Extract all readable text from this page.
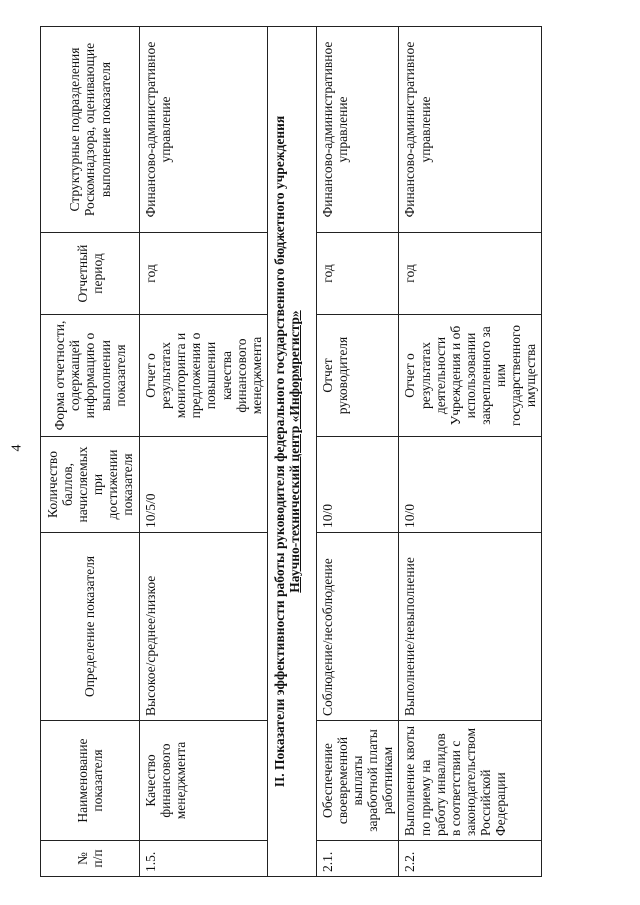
4
№ п/п	Наименование показателя	Определение показателя	Количество баллов, начисляемых при достижении показателя	Форма отчетности, содержащей информацию о выполнении показателя	Отчетный период	Структурные подразделения Роскомнадзора, оценивающие выполнение показателя
1.5.	Качество финансового менеджмента	Высокое/среднее/низкое	10/5/0	Отчет о результатах мониторинга и предложения о повышении качества финансового менеджмента	год	Финансово-административное управление
II. Показатели эффективности работы руководителя федерального государственного бюджетного учреждения
Научно-технический центр «Информрегистр»						
2.1.	Обеспечение своевременной выплаты заработной платы работникам	Соблюдение/несоблюдение	10/0	Отчет руководителя	год	Финансово-административное управление
2.2.	Выполнение квоты по приему на работу инвалидов в соответствии с законодательством Российской Федерации	Выполнение/невыполнение	10/0	Отчет о результатах деятельности Учреждения и об использовании закрепленного за ним государственного имущества	год	Финансово-административное управление
